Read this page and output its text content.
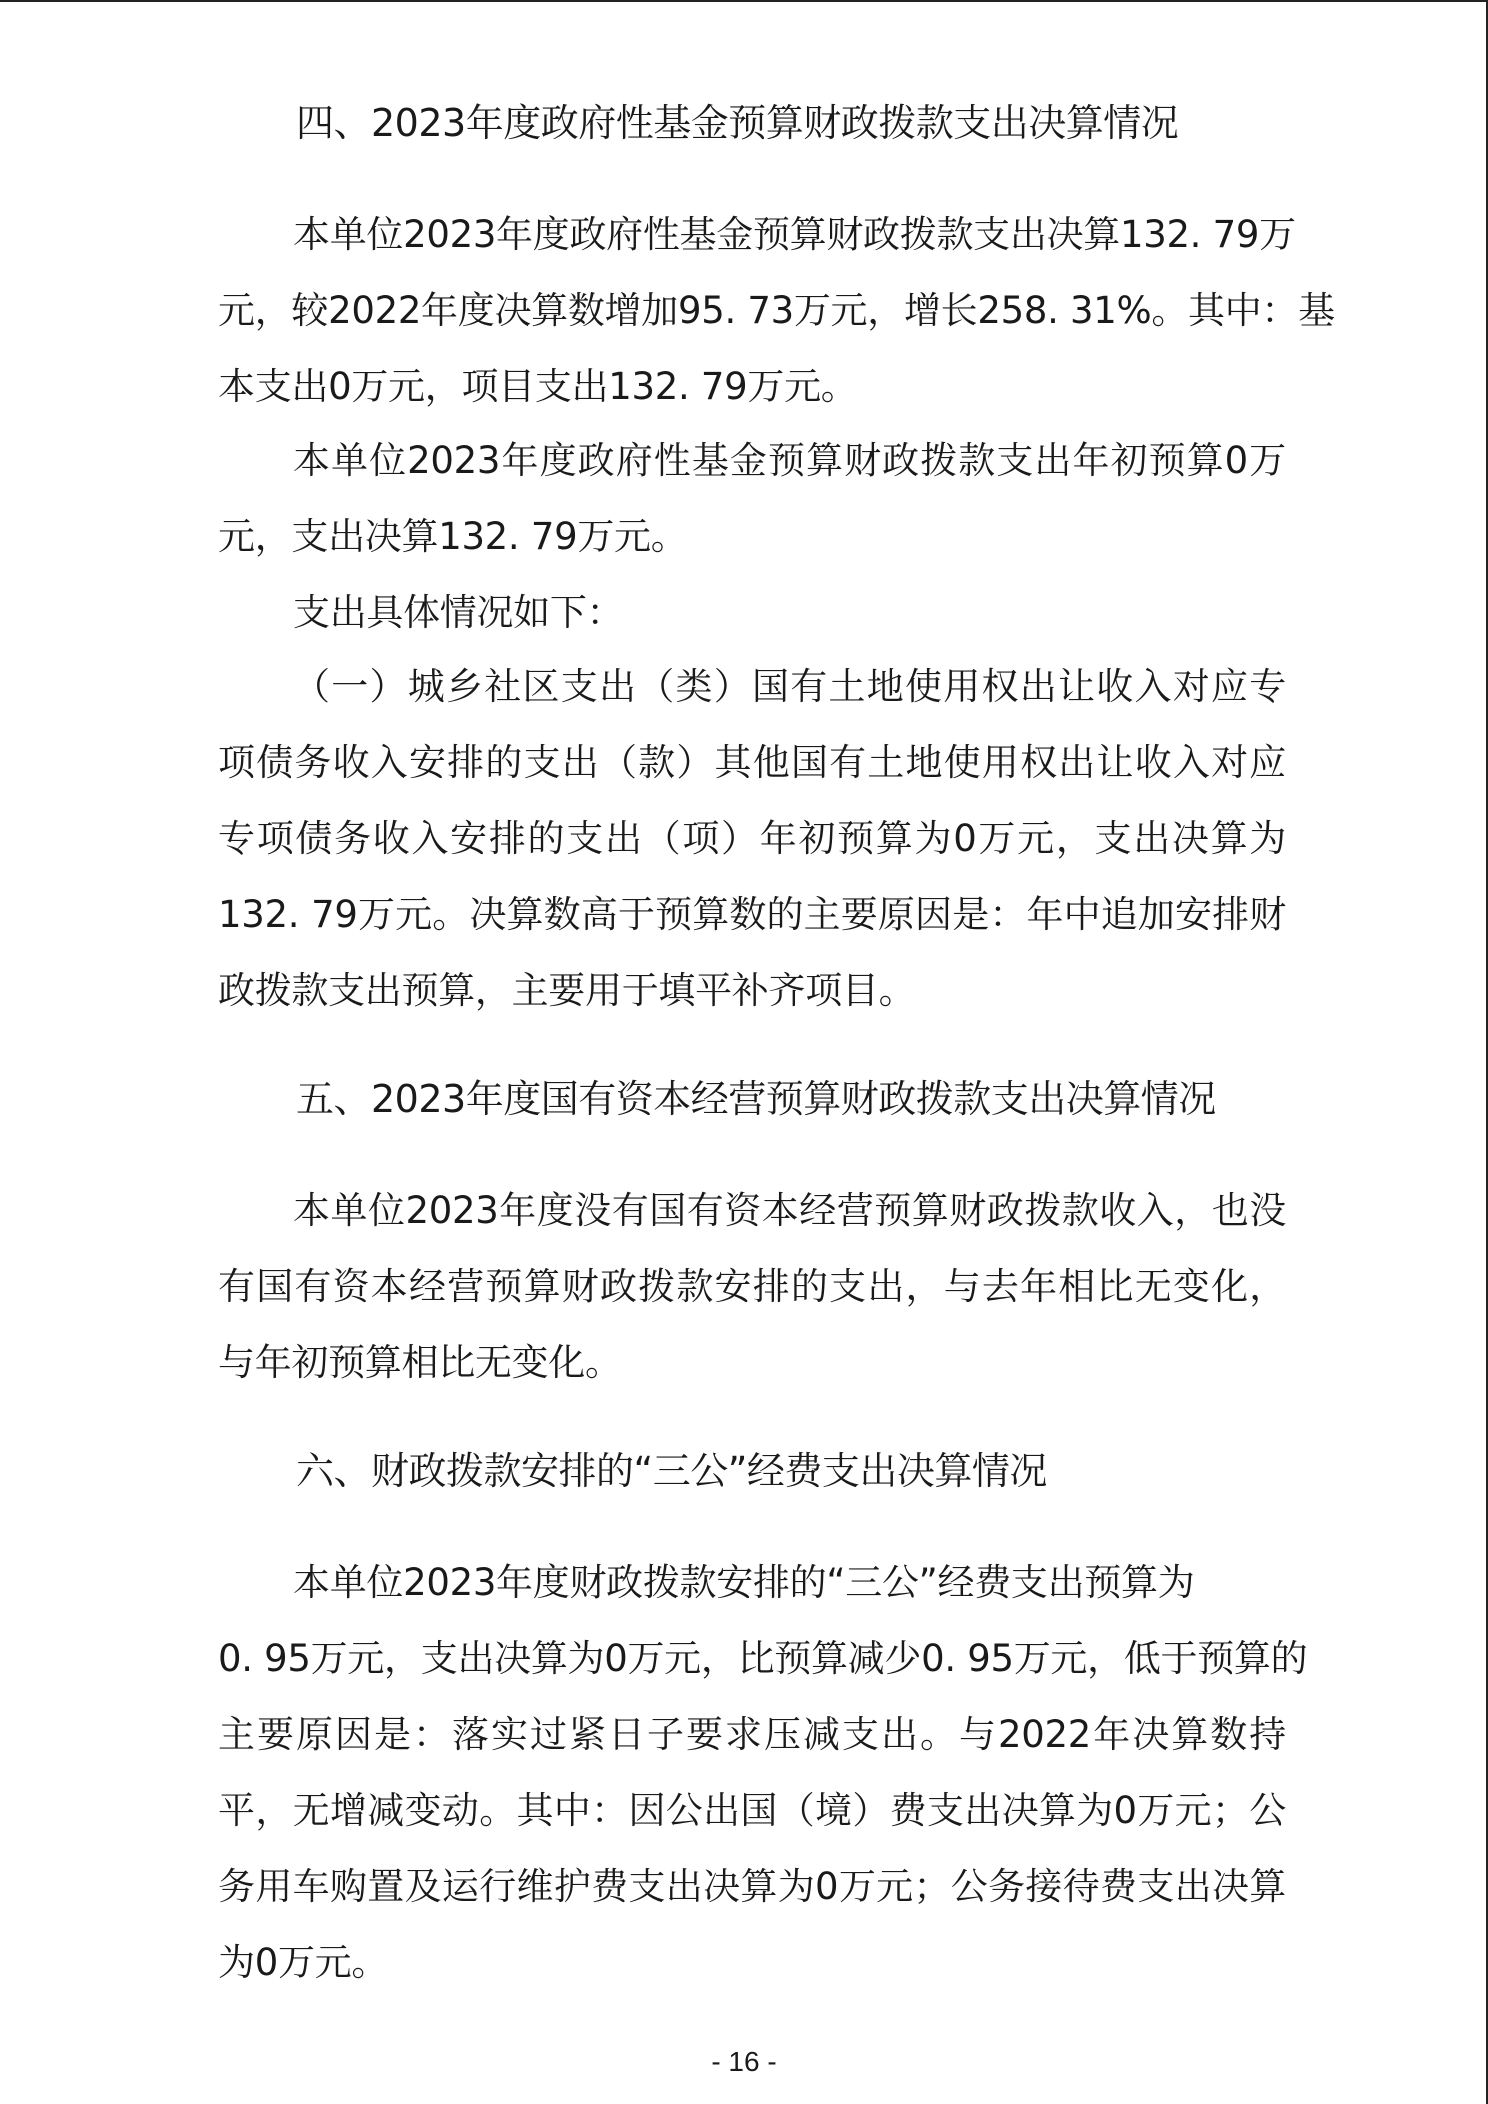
四、2023年度政府性基金预算财政拨款支出决算情况
本单位2023年度政府性基金预算财政拨款支出决算132. 79万
元，较2022年度决算数增加95. 73万元，增长258. 31%。其中：基
本支出0万元，项目支出132. 79万元。
本单位2023年度政府性基金预算财政拨款支出年初预算0万
元，支出决算132. 79万元。
支出具体情况如下：
（一）城乡社区支出（类）国有土地使用权出让收入对应专
项债务收入安排的支出（款）其他国有土地使用权出让收入对应
专项债务收入安排的支出（项）年初预算为0万元，支出决算为
132. 79万元。决算数高于预算数的主要原因是：年中追加安排财
政拨款支出预算，主要用于填平补齐项目。
五、2023年度国有资本经营预算财政拨款支出决算情况
本单位2023年度没有国有资本经营预算财政拨款收入，也没
有国有资本经营预算财政拨款安排的支出，与去年相比无变化，
与年初预算相比无变化。
六、财政拨款安排的“三公”经费支出决算情况
本单位2023年度财政拨款安排的“三公”经费支出预算为
0. 95万元，支出决算为0万元，比预算减少0. 95万元，低于预算的
主要原因是：落实过紧日子要求压减支出。与2022年决算数持
平，无增减变动。其中：因公出国（境）费支出决算为0万元；公
务用车购置及运行维护费支出决算为0万元；公务接待费支出决算
为0万元。
- 16 -
